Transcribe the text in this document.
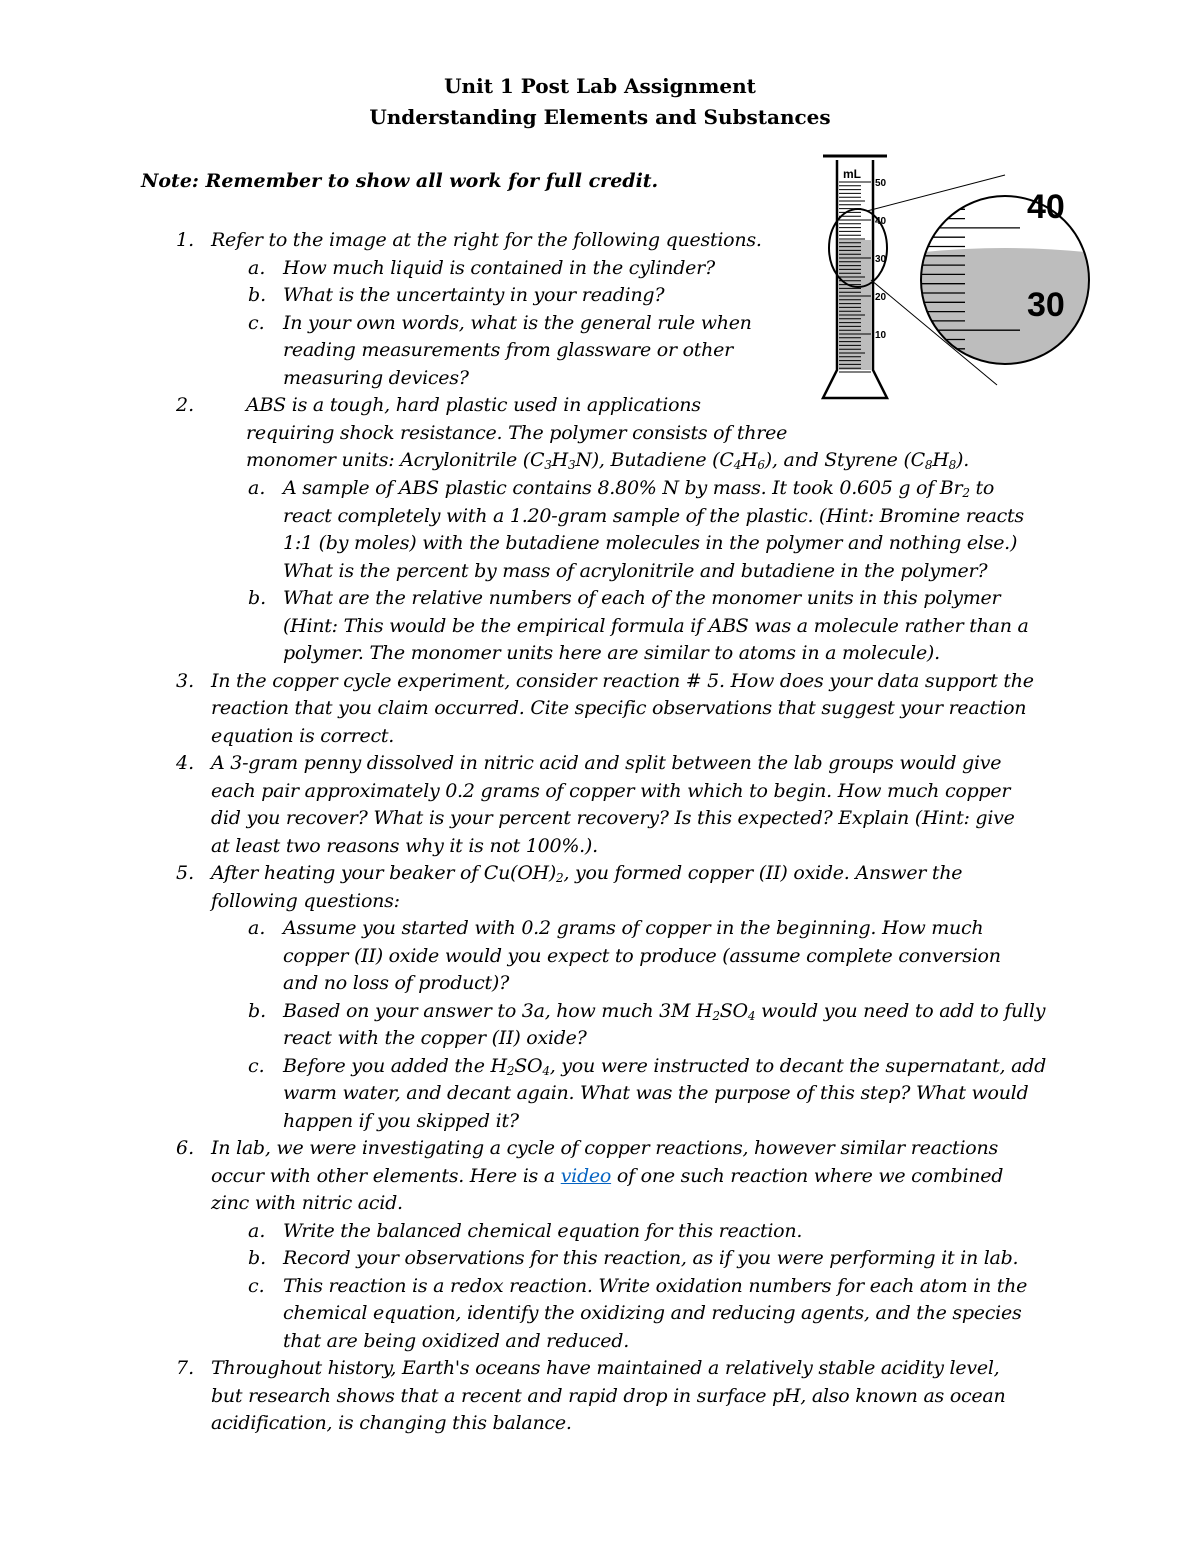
Unit 1 Post Lab Assignment
Understanding Elements and Substances
Note: Remember to show all work for full credit.	mL
50
40
30
20
10
40
30
1. Refer to the image at the right for the following questions.
a. How much liquid is contained in the cylinder?
b. What is the uncertainty in your reading?
c. In your own words, what is the general rule when
reading measurements from glassware or other
measuring devices?
2.	ABS is a tough, hard plastic used in applications
requiring shock resistance. The polymer consists of three
monomer units: Acrylonitrile $(C_3H_3N)$, Butadiene $(C_4H_6)$, and Styrene $(C_8H_8)$.
a. A sample of ABS plastic contains 8.80% N by mass. It took 0.605 g of $Br_2$ to
react completely with a 1.20-gram sample of the plastic. (Hint: Bromine reacts
1:1 (by moles) with the butadiene molecules in the polymer and nothing else.)
What is the percent by mass of acrylonitrile and butadiene in the polymer?
b. What are the relative numbers of each of the monomer units in this polymer
(Hint: This would be the empirical formula if ABS was a molecule rather than a
polymer. The monomer units here are similar to atoms in a molecule).
3. In the copper cycle experiment, consider reaction # 5. How does your data support the
reaction that you claim occurred. Cite specific observations that suggest your reaction
equation is correct.
4. A 3-gram penny dissolved in nitric acid and split between the lab groups would give
each pair approximately 0.2 grams of copper with which to begin. How much copper
did you recover? What is your percent recovery? Is this expected? Explain (Hint: give
at least two reasons why it is not 100%.).
5. After heating your beaker of $Cu(OH)_2$, you formed copper (II) oxide. Answer the
following questions:
a. Assume you started with 0.2 grams of copper in the beginning. How much
copper (II) oxide would you expect to produce (assume complete conversion
and no loss of product)?
b. Based on your answer to 3a, how much 3M $H_2SO_4$ would you need to add to fully
react with the copper (II) oxide?
c. Before you added the $H_2SO_4$, you were instructed to decant the supernatant, add
warm water, and decant again. What was the purpose of this step? What would
happen if you skipped it?
6. In lab, we were investigating a cycle of copper reactions, however similar reactions
occur with other elements. Here is a video of one such reaction where we combined
zinc with nitric acid.
a. Write the balanced chemical equation for this reaction.
b. Record your observations for this reaction, as if you were performing it in lab.
c. This reaction is a redox reaction. Write oxidation numbers for each atom in the
chemical equation, identify the oxidizing and reducing agents, and the species
that are being oxidized and reduced.
7. Throughout history, Earth's oceans have maintained a relatively stable acidity level,
but research shows that a recent and rapid drop in surface pH, also known as ocean
acidification, is changing this balance.
